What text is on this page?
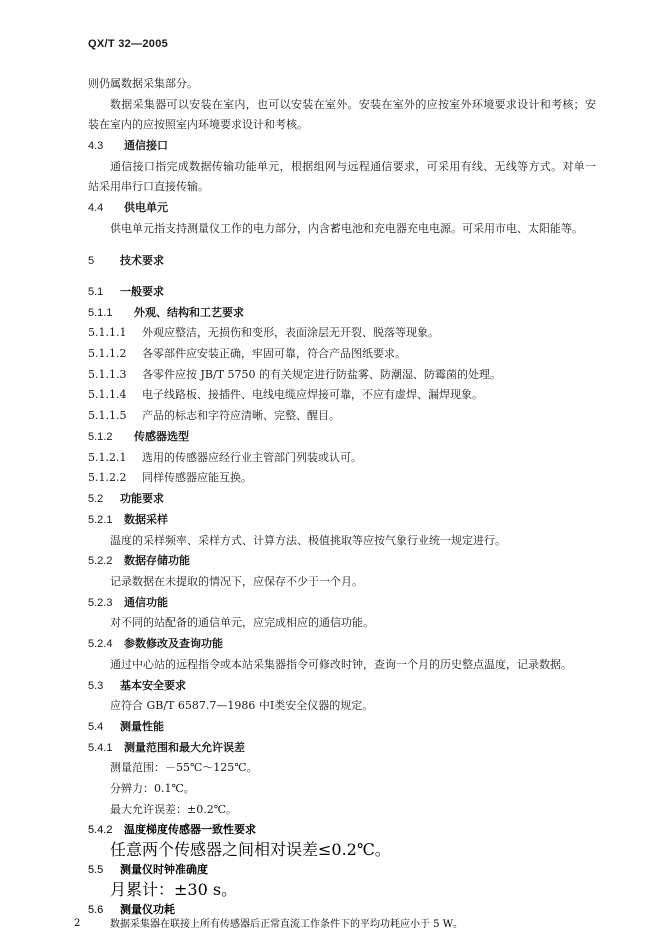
QX/T 32—2005
则仍属数据采集部分。
数据采集器可以安装在室内，也可以安装在室外。安装在室外的应按室外环境要求设计和考核；安
装在室内的应按照室内环境要求设计和考核。
4.3 通信接口
通信接口指完成数据传输功能单元，根据组网与远程通信要求，可采用有线、无线等方式。对单一
站采用串行口直接传输。
4.4 供电单元
供电单元指支持测量仪工作的电力部分，内含蓄电池和充电器充电电源。可采用市电、太阳能等。
5 技术要求
5.1 一般要求
5.1.1 外观、结构和工艺要求
5.1.1.1 外观应整洁，无损伤和变形，表面涂层无开裂、脱落等现象。
5.1.1.2 各零部件应安装正确，牢固可靠，符合产品图纸要求。
5.1.1.3 各零件应按 JB/T 5750 的有关规定进行防盐雾、防潮湿、防霉菌的处理。
5.1.1.4 电子线路板、接插件、电线电缆应焊接可靠，不应有虚焊、漏焊现象。
5.1.1.5 产品的标志和字符应清晰、完整、醒目。
5.1.2 传感器选型
5.1.2.1 选用的传感器应经行业主管部门列装或认可。
5.1.2.2 同样传感器应能互换。
5.2 功能要求
5.2.1 数据采样
温度的采样频率、采样方式、计算方法、极值挑取等应按气象行业统一规定进行。
5.2.2 数据存储功能
记录数据在未提取的情况下，应保存不少于一个月。
5.2.3 通信功能
对不同的站配备的通信单元，应完成相应的通信功能。
5.2.4 参数修改及查询功能
通过中心站的远程指令或本站采集器指令可修改时钟，查询一个月的历史整点温度，记录数据。
5.3 基本安全要求
应符合 GB/T 6587.7—1986 中Ⅰ类安全仪器的规定。
5.4 测量性能
5.4.1 测量范围和最大允许误差
测量范围：－55℃～125℃。
分辨力：0.1℃。
最大允许误差：±0.2℃。
5.4.2 温度梯度传感器一致性要求
任意两个传感器之间相对误差≤0.2℃。
5.5 测量仪时钟准确度
月累计：±30 s。
5.6 测量仪功耗
数据采集器在联接上所有传感器后正常直流工作条件下的平均功耗应小于 5 W。
2
